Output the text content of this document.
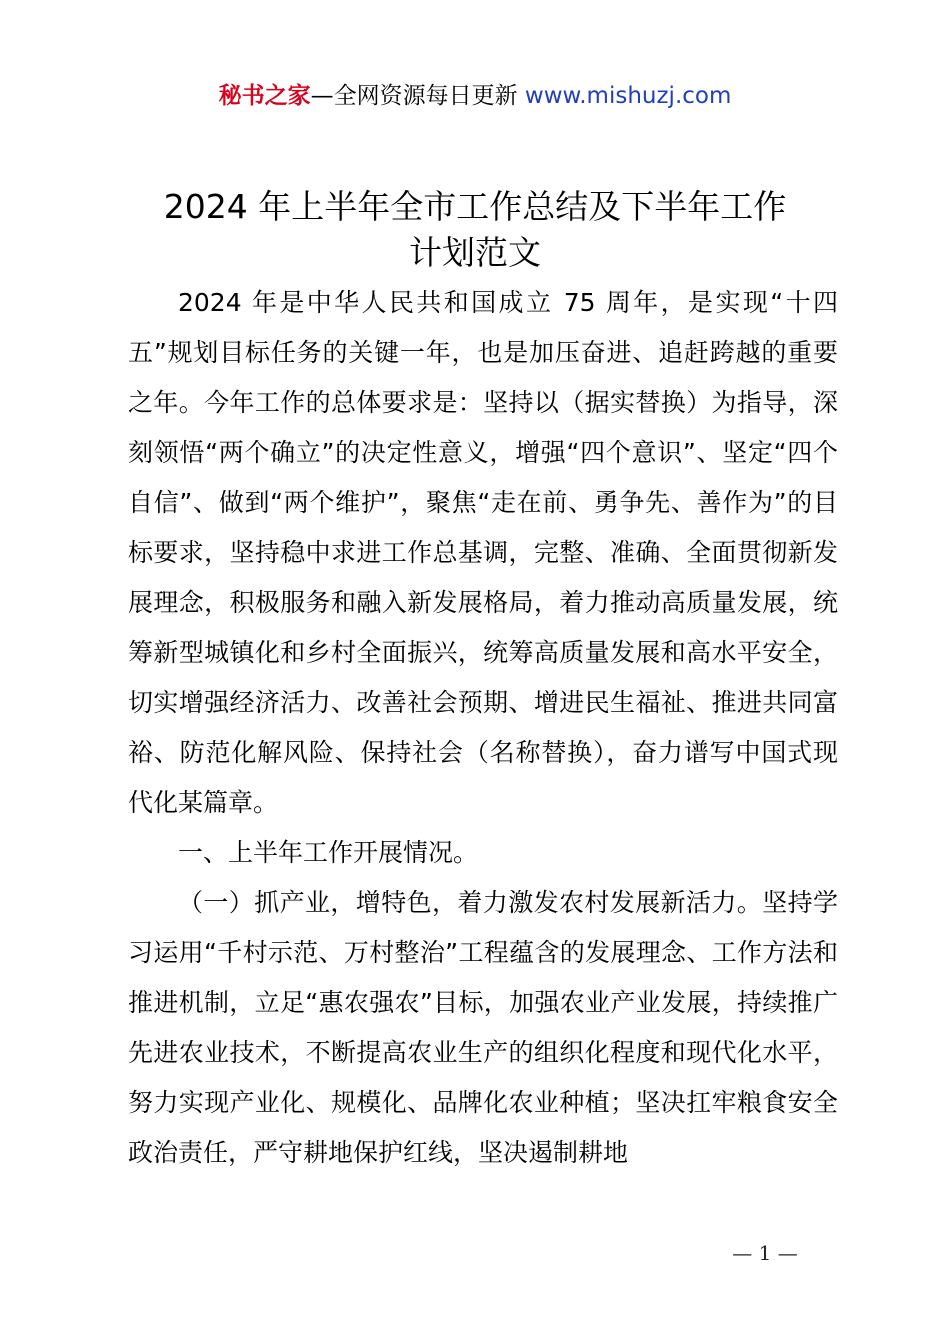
秘书之家—全网资源每日更新 www.mishuzj.com
2024 年上半年全市工作总结及下半年工作
计划范文

2024 年是中华人民共和国成立 75 周年，是实现“十四五”规划目标任务的关键一年，也是加压奋进、追赶跨越的重要之年。今年工作的总体要求是：坚持以（据实替换）为指导，深刻领悟“两个确立”的决定性意义，增强“四个意识”、坚定“四个自信”、做到“两个维护”，聚焦“走在前、勇争先、善作为”的目标要求，坚持稳中求进工作总基调，完整、准确、全面贯彻新发展理念，积极服务和融入新发展格局，着力推动高质量发展，统筹新型城镇化和乡村全面振兴，统筹高质量发展和高水平安全，切实增强经济活力、改善社会预期、增进民生福祉、推进共同富裕、防范化解风险、保持社会（名称替换），奋力谱写中国式现代化某篇章。

一、上半年工作开展情况。

（一）抓产业，增特色，着力激发农村发展新活力。坚持学习运用“千村示范、万村整治”工程蕴含的发展理念、工作方法和推进机制，立足“惠农强农”目标，加强农业产业发展，持续推广先进农业技术，不断提高农业生产的组织化程度和现代化水平，努力实现产业化、规模化、品牌化农业种植；坚决扛牢粮食安全政治责任，严守耕地保护红线，坚决遏制耕地

— 1 —
